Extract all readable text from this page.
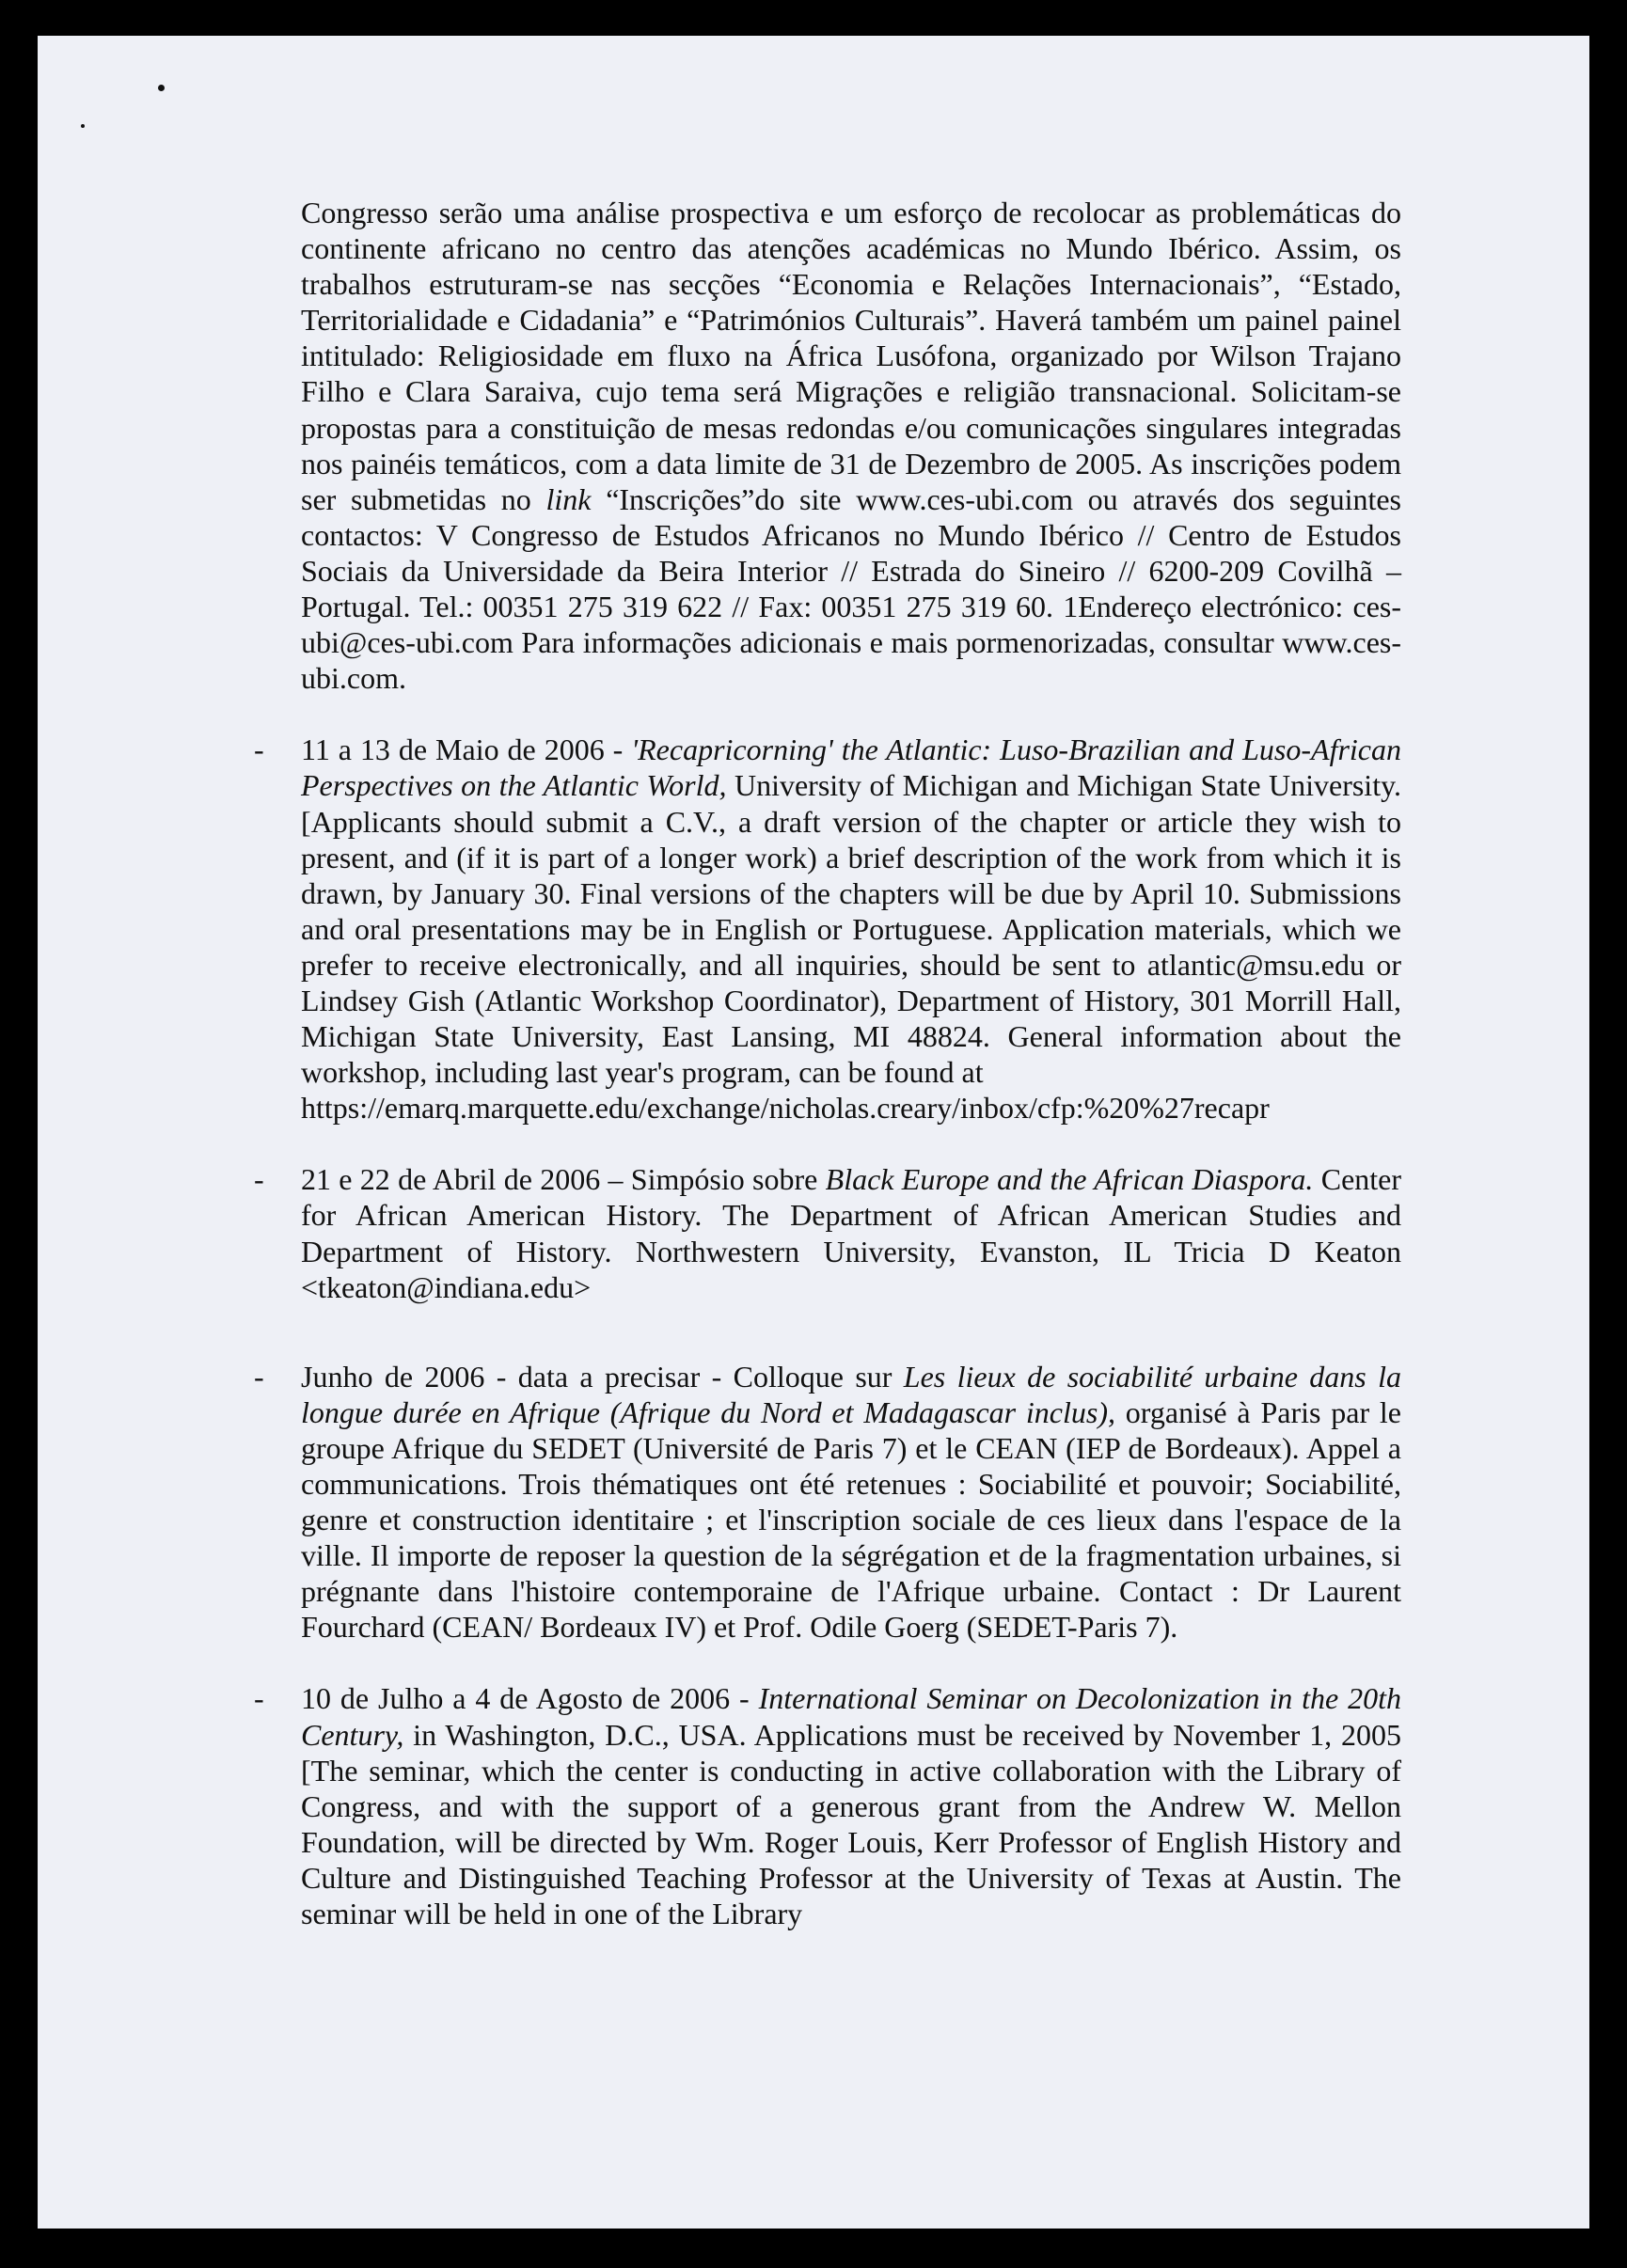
Congresso serão uma análise prospectiva e um esforço de recolocar as problemáticas do continente africano no centro das atenções académicas no Mundo Ibérico. Assim, os trabalhos estruturam-se nas secções “Economia e Relações Internacionais”, “Estado, Territorialidade e Cidadania” e “Patrimónios Culturais”. Haverá também um painel painel intitulado: Religiosidade em fluxo na África Lusófona, organizado por Wilson Trajano Filho e Clara Saraiva, cujo tema será Migrações e religião transnacional. Solicitam-se propostas para a constituição de mesas redondas e/ou comunicações singulares integradas nos painéis temáticos, com a data limite de 31 de Dezembro de 2005. As inscrições podem ser submetidas no link “Inscrições”do site www.ces-ubi.com ou através dos seguintes contactos: V Congresso de Estudos Africanos no Mundo Ibérico // Centro de Estudos Sociais da Universidade da Beira Interior // Estrada do Sineiro // 6200-209 Covilhã – Portugal. Tel.: 00351 275 319 622 // Fax: 00351 275 319 60. 1Endereço electrónico: ces-ubi@ces-ubi.com Para informações adicionais e mais pormenorizadas, consultar www.ces-ubi.com.

- 11 a 13 de Maio de 2006 - 'Recapricorning' the Atlantic: Luso-Brazilian and Luso-African Perspectives on the Atlantic World, University of Michigan and Michigan State University. [Applicants should submit a C.V., a draft version of the chapter or article they wish to present, and (if it is part of a longer work) a brief description of the work from which it is drawn, by January 30. Final versions of the chapters will be due by April 10. Submissions and oral presentations may be in English or Portuguese. Application materials, which we prefer to receive electronically, and all inquiries, should be sent to atlantic@msu.edu or Lindsey Gish (Atlantic Workshop Coordinator), Department of History, 301 Morrill Hall, Michigan State University, East Lansing, MI 48824. General information about the workshop, including last year's program, can be found at
https://emarq.marquette.edu/exchange/nicholas.creary/inbox/cfp:%20%27recapr
- 21 e 22 de Abril de 2006 – Simpósio sobre Black Europe and the African Diaspora. Center for African American History. The Department of African American Studies and Department of History. Northwestern University, Evanston, IL Tricia D Keaton <tkeaton@indiana.edu>
- Junho de 2006 - data a precisar - Colloque sur Les lieux de sociabilité urbaine dans la longue durée en Afrique (Afrique du Nord et Madagascar inclus), organisé à Paris par le groupe Afrique du SEDET (Université de Paris 7) et le CEAN (IEP de Bordeaux). Appel a communications. Trois thématiques ont été retenues : Sociabilité et pouvoir; Sociabilité, genre et construction identitaire ; et l'inscription sociale de ces lieux dans l'espace de la ville. Il importe de reposer la question de la ségrégation et de la fragmentation urbaines, si prégnante dans l'histoire contemporaine de l'Afrique urbaine. Contact : Dr Laurent Fourchard (CEAN/ Bordeaux IV) et Prof. Odile Goerg (SEDET-Paris 7).
- 10 de Julho a 4 de Agosto de 2006 - International Seminar on Decolonization in the 20th Century, in Washington, D.C., USA. Applications must be received by November 1, 2005 [The seminar, which the center is conducting in active collaboration with the Library of Congress, and with the support of a generous grant from the Andrew W. Mellon Foundation, will be directed by Wm. Roger Louis, Kerr Professor of English History and Culture and Distinguished Teaching Professor at the University of Texas at Austin. The seminar will be held in one of the Library
